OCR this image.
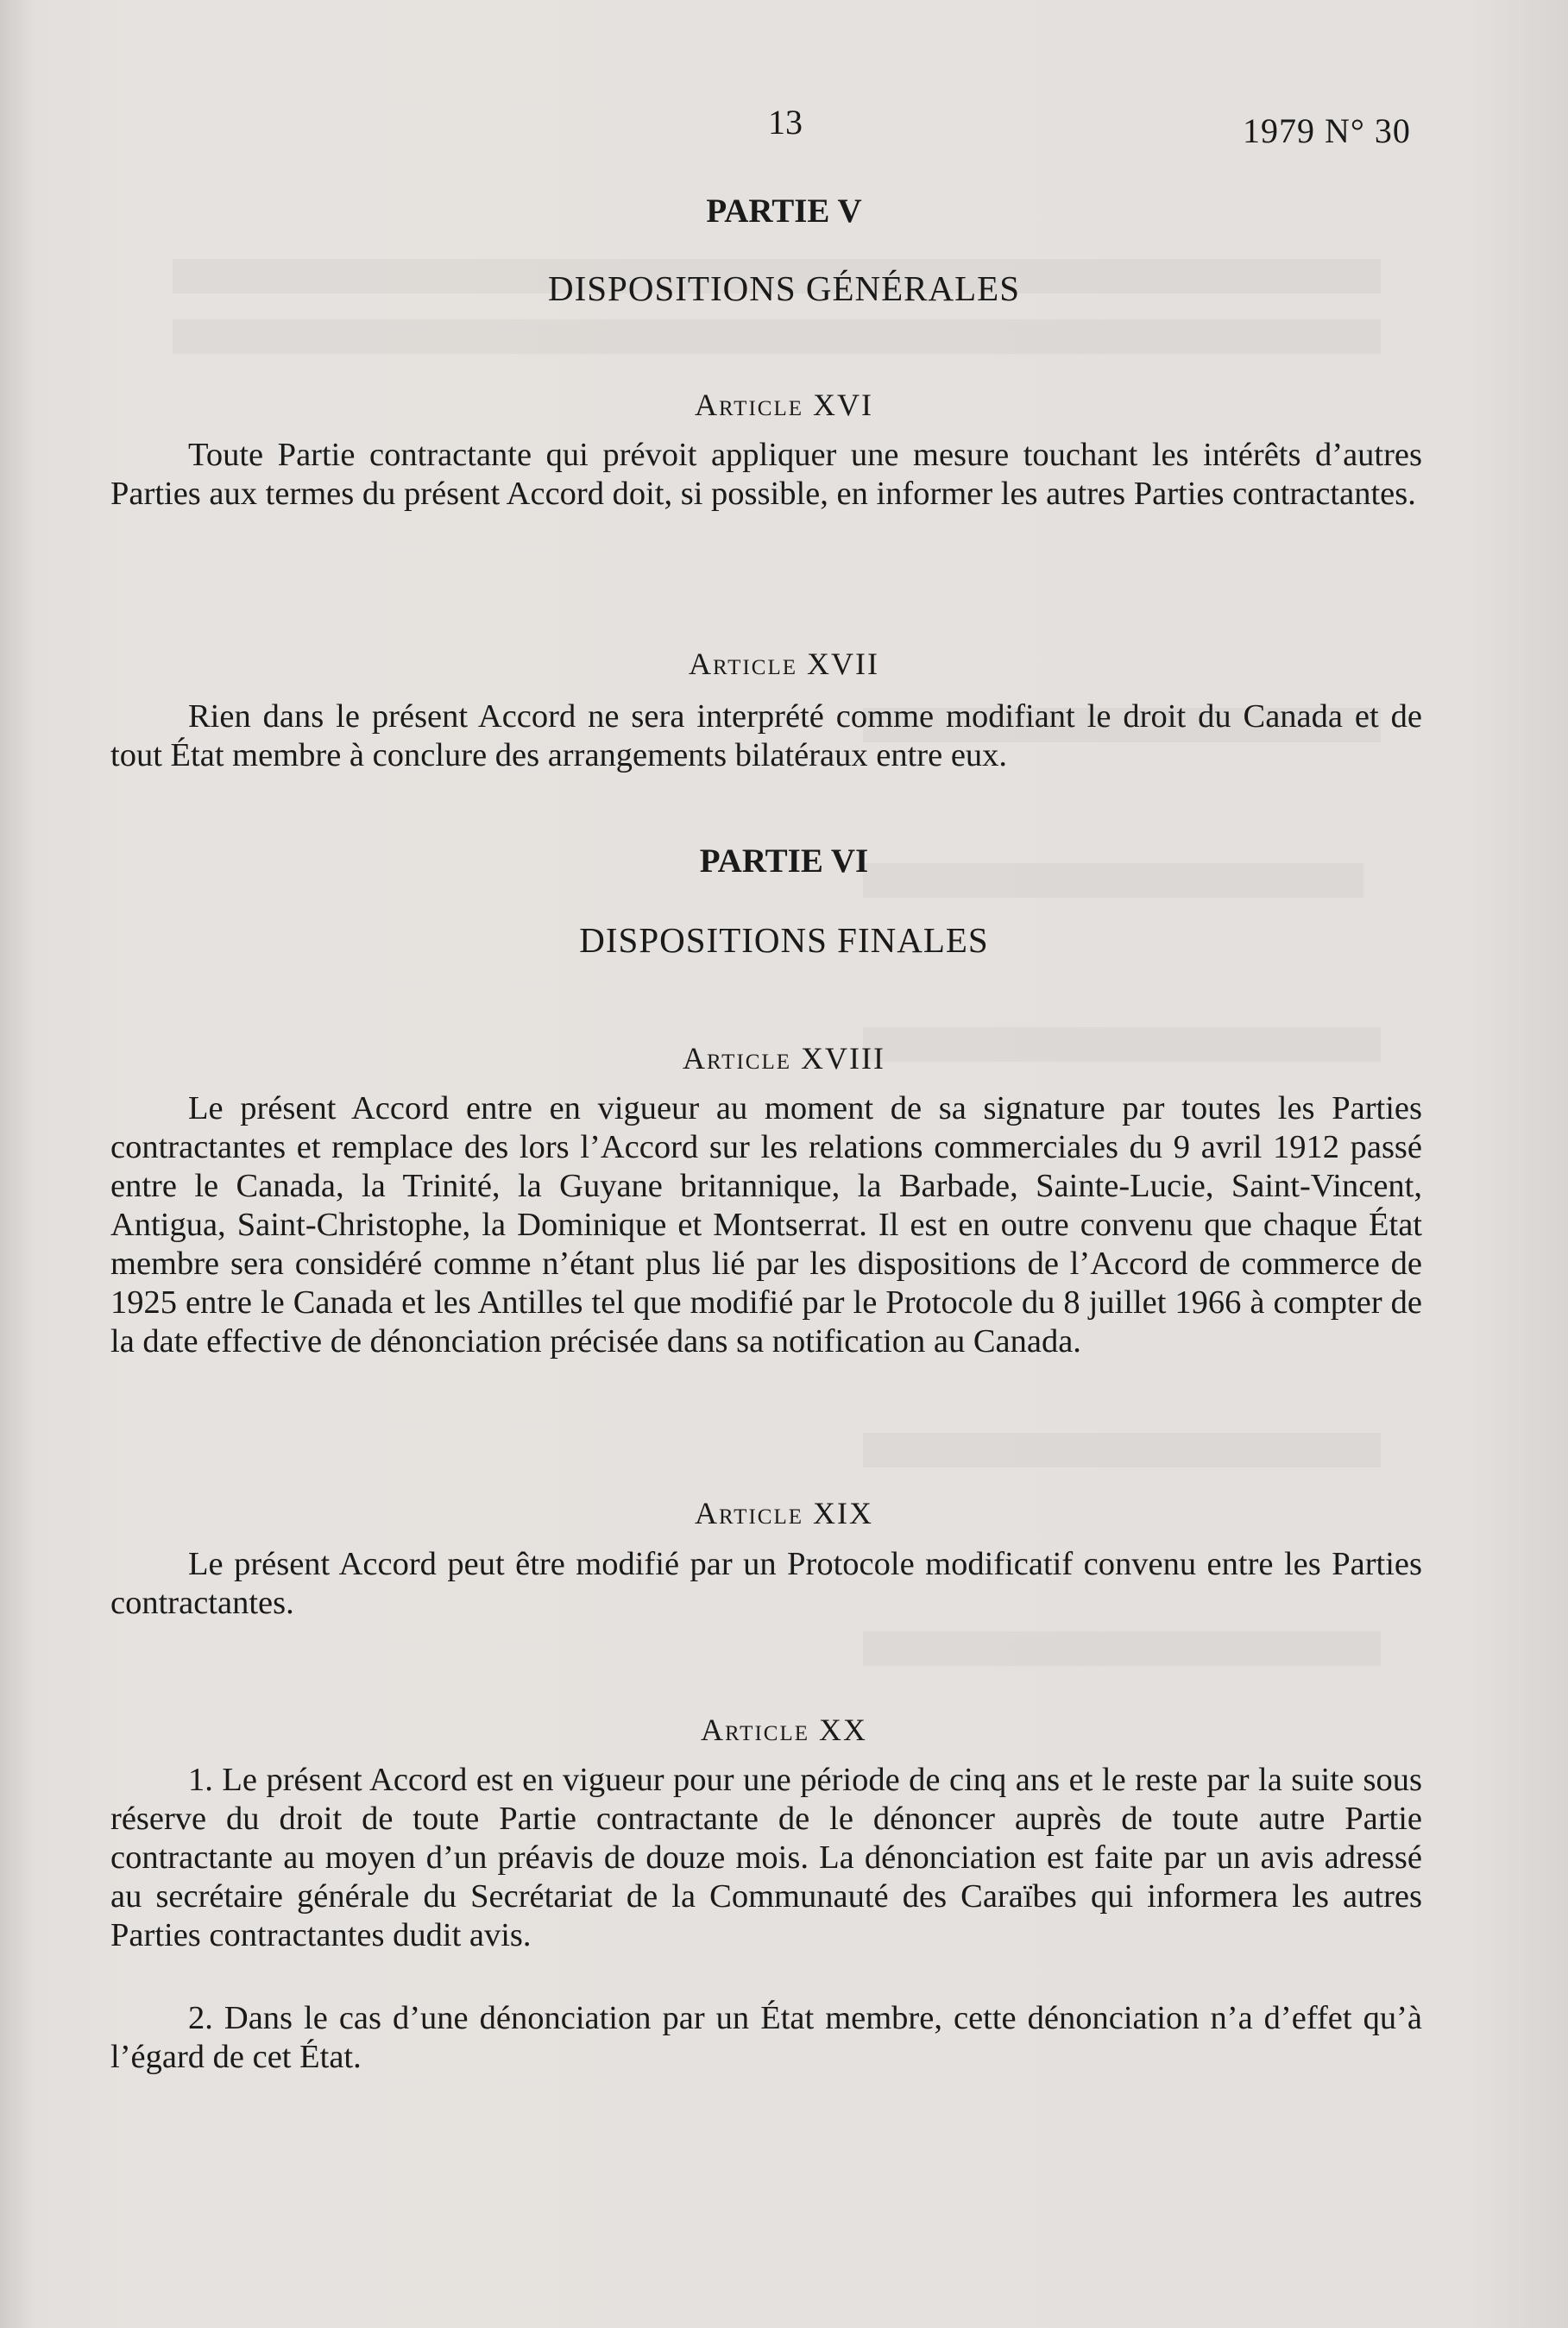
13	1979 N° 30
PARTIE V
DISPOSITIONS GÉNÉRALES
Article XVI
Toute Partie contractante qui prévoit appliquer une mesure touchant les intérêts d’autres Parties aux termes du présent Accord doit, si possible, en informer les autres Parties contractantes.
Article XVII
Rien dans le présent Accord ne sera interprété comme modifiant le droit du Canada et de tout État membre à conclure des arrangements bilatéraux entre eux.
PARTIE VI
DISPOSITIONS FINALES
Article XVIII
Le présent Accord entre en vigueur au moment de sa signature par toutes les Parties contractantes et remplace des lors l’Accord sur les relations commerciales du 9 avril 1912 passé entre le Canada, la Trinité, la Guyane britannique, la Barbade, Sainte-Lucie, Saint-Vincent, Antigua, Saint-Christophe, la Dominique et Montserrat. Il est en outre convenu que chaque État membre sera considéré comme n’étant plus lié par les dispositions de l’Accord de commerce de 1925 entre le Canada et les Antilles tel que modifié par le Protocole du 8 juillet 1966 à compter de la date effective de dénonciation précisée dans sa notification au Canada.
Article XIX
Le présent Accord peut être modifié par un Protocole modificatif convenu entre les Parties contractantes.
Article XX
1. Le présent Accord est en vigueur pour une période de cinq ans et le reste par la suite sous réserve du droit de toute Partie contractante de le dénoncer auprès de toute autre Partie contractante au moyen d’un préavis de douze mois. La dénonciation est faite par un avis adressé au secrétaire générale du Secrétariat de la Communauté des Caraïbes qui informera les autres Parties contractantes dudit avis.
2. Dans le cas d’une dénonciation par un État membre, cette dénonciation n’a d’effet qu’à l’égard de cet État.
